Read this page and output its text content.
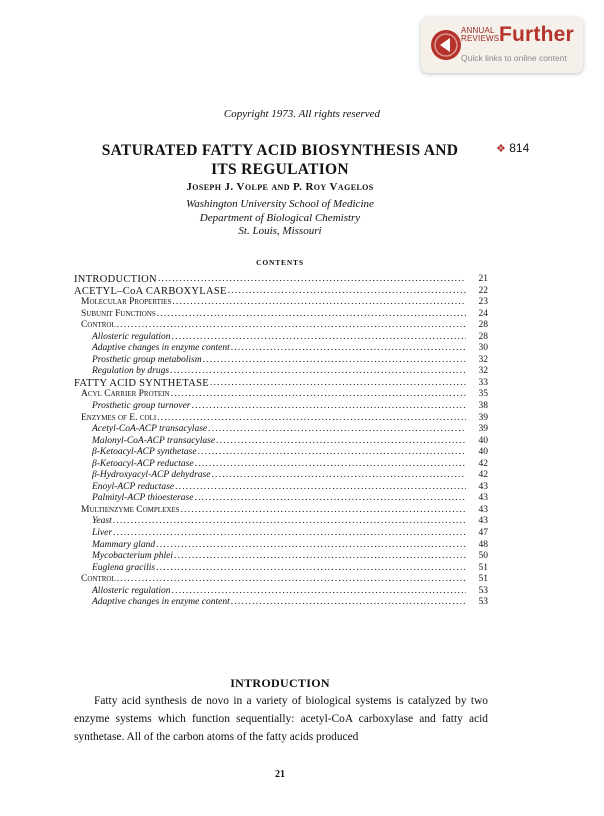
ANNUAL
REVIEWS Further
Quick links to online content
Copyright 1973. All rights reserved
SATURATED FATTY ACID BIOSYNTHESIS AND
ITS REGULATION
❖ 814
Joseph J. Volpe and P. Roy Vagelos
Washington University School of Medicine
Department of Biological Chemistry
St. Louis, Missouri
CONTENTS
INTRODUCTION .....	21
ACETYL–CoA CARBOXYLASE .....	22
Molecular Properties .....	23
Subunit Functions .....	24
Control .....	28
Allosteric regulation .....	28
Adaptive changes in enzyme content .....	30
Prosthetic group metabolism .....	32
Regulation by drugs .....	32
FATTY ACID SYNTHETASE .....	33
Acyl Carrier Protein .....	35
Prosthetic group turnover .....	38
Enzymes of E. coli .....	39
Acetyl-CoA-ACP transacylase .....	39
Malonyl-CoA-ACP transacylase .....	40
β-Ketoacyl-ACP synthetase .....	40
β-Ketoacyl-ACP reductase .....	42
β-Hydroxyacyl-ACP dehydrase .....	42
Enoyl-ACP reductase .....	43
Palmityl-ACP thioesterase .....	43
Multienzyme Complexes .....	43
Yeast .....	43
Liver .....	47
Mammary gland .....	48
Mycobacterium phlei .....	50
Euglena gracilis .....	51
Control .....	51
Allosteric regulation .....	53
Adaptive changes in enzyme content .....	53
INTRODUCTION

Fatty acid synthesis de novo in a variety of biological systems is catalyzed by two enzyme systems which function sequentially: acetyl-CoA carboxylase and fatty acid synthetase. All of the carbon atoms of the fatty acids produced

21
